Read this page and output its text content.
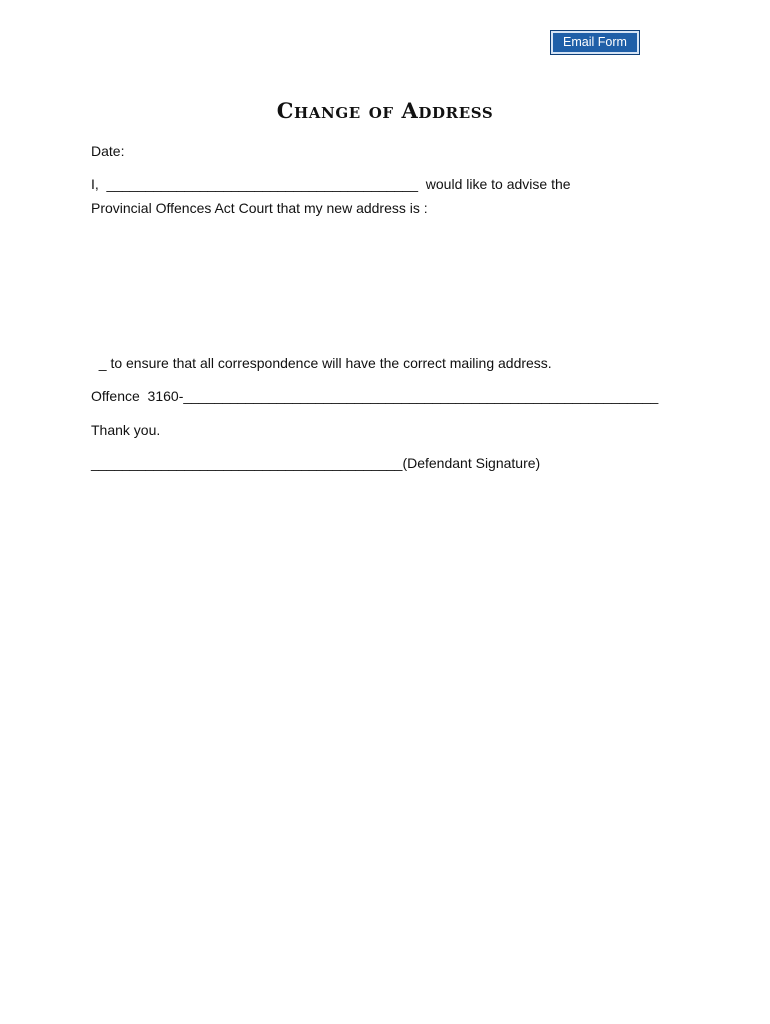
Email Form
Change of Address
Date:
I,  ________________________________________  would like to advise the
Provincial Offences Act Court that my new address is :
_ to ensure that all correspondence will have the correct mailing address.
Offence  3160-_____________________________________________________________
Thank you.
________________________________________(Defendant Signature)
